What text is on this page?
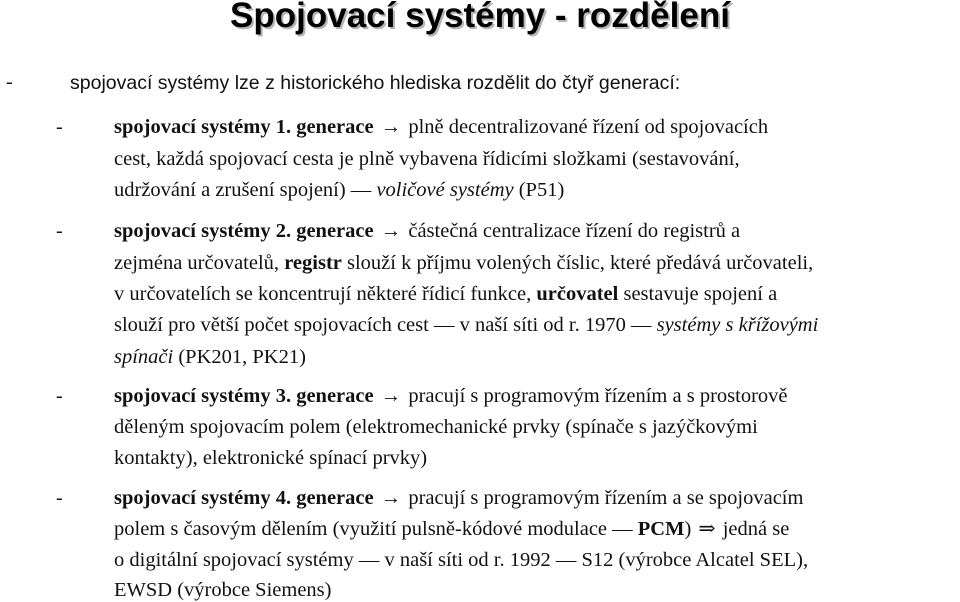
Spojovací systémy - rozdělení
-	spojovací systémy lze z historického hlediska rozdělit do čtyř generací:
-	spojovací systémy 1. generace → plně decentralizované řízení od spojovacích
cest, každá spojovací cesta je plně vybavena řídicími složkami (sestavování,
udržování a zrušení spojení) — voličové systémy (P51)
-	spojovací systémy 2. generace → částečná centralizace řízení do registrů a
zejména určovatelů, registr slouží k příjmu volených číslic, které předává určovateli,
v určovatelích se koncentrují některé řídicí funkce, určovatel sestavuje spojení a
slouží pro větší počet spojovacích cest — v naší síti od r. 1970 — systémy s křížovými
spínači (PK201, PK21)
-	spojovací systémy 3. generace → pracují s programovým řízením a s prostorově
děleným spojovacím polem (elektromechanické prvky (spínače s jazýčkovými
kontakty), elektronické spínací prvky)
-	spojovací systémy 4. generace → pracují s programovým řízením a se spojovacím
polem s časovým dělením (využití pulsně-kódové modulace — PCM) ⇒ jedná se
o digitální spojovací systémy — v naší síti od r. 1992 — S12 (výrobce Alcatel SEL),
EWSD (výrobce Siemens)
